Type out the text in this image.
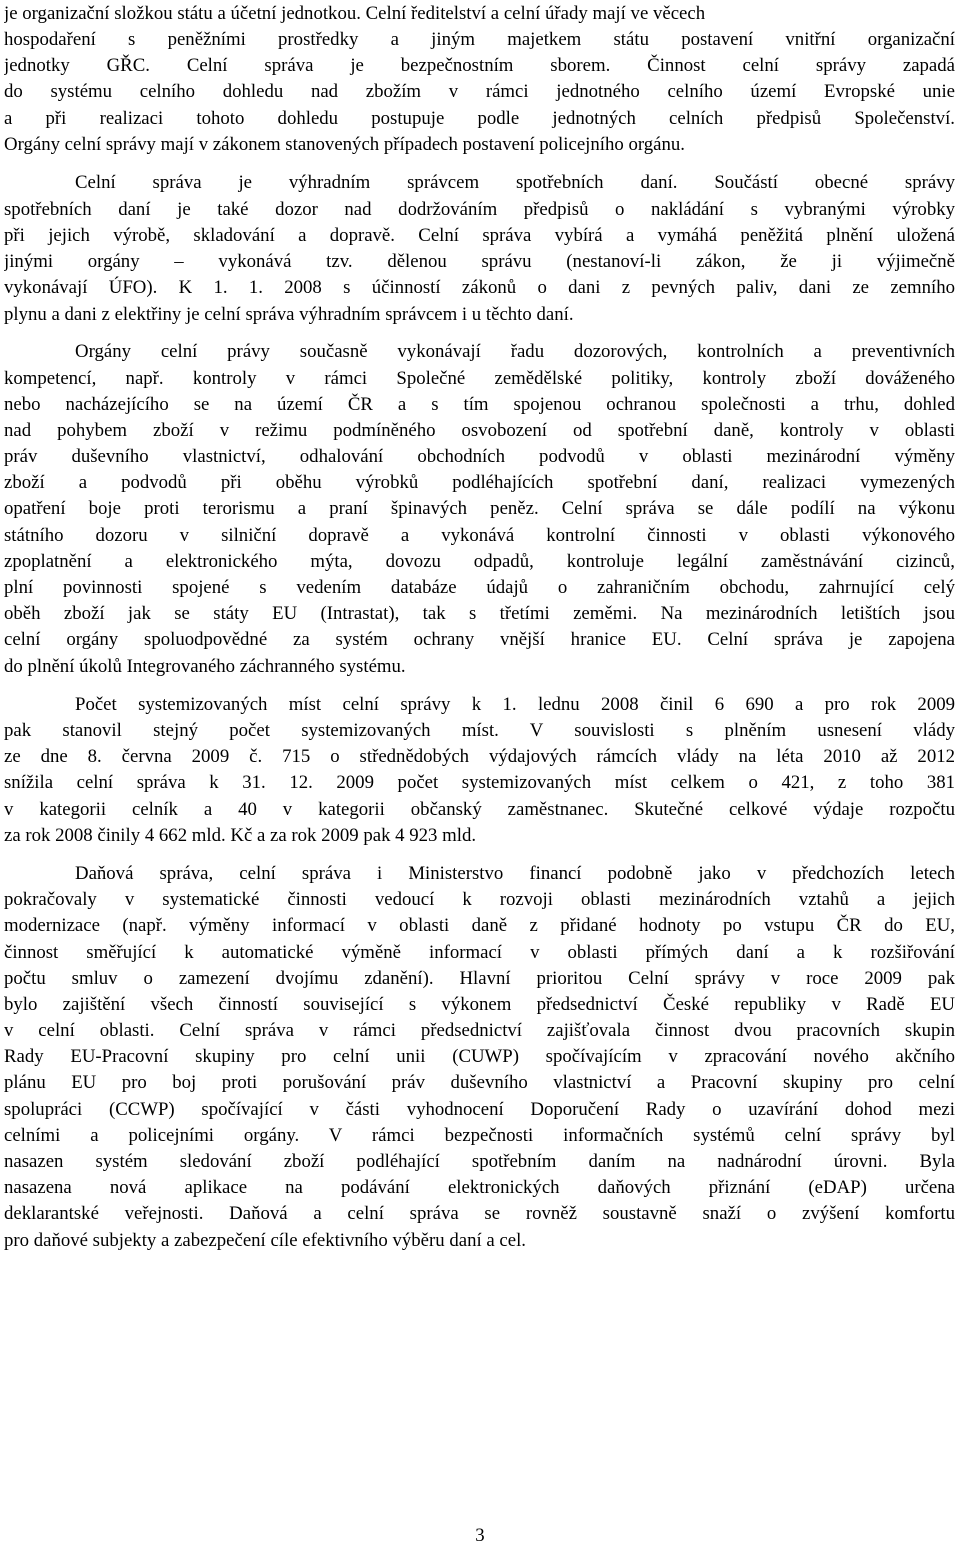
je organizační složkou státu a účetní jednotkou. Celní ředitelství a celní úřady mají ve věcech
hospodaření s peněžními prostředky a jiným majetkem státu postavení vnitřní organizační
jednotky GŘC. Celní správa je bezpečnostním sborem. Činnost celní správy zapadá
do systému celního dohledu nad zbožím v rámci jednotného celního území Evropské unie
a při realizaci tohoto dohledu postupuje podle jednotných celních předpisů Společenství.
Orgány celní správy mají v zákonem stanovených případech postavení policejního orgánu.
Celní správa je výhradním správcem spotřebních daní. Součástí obecné správy
spotřebních daní je také dozor nad dodržováním předpisů o nakládání s vybranými výrobky
při jejich výrobě, skladování a dopravě. Celní správa vybírá a vymáhá peněžitá plnění uložená
jinými orgány – vykonává tzv. dělenou správu (nestanoví-li zákon, že ji výjimečně
vykonávají ÚFO). K 1. 1. 2008 s účinností zákonů o dani z pevných paliv, dani ze zemního
plynu a dani z elektřiny je celní správa výhradním správcem i u těchto daní.
Orgány celní právy současně vykonávají řadu dozorových, kontrolních a preventivních
kompetencí, např. kontroly v rámci Společné zemědělské politiky, kontroly zboží dováženého
nebo nacházejícího se na území ČR a s tím spojenou ochranou společnosti a trhu, dohled
nad pohybem zboží v režimu podmíněného osvobození od spotřební daně, kontroly v oblasti
práv duševního vlastnictví, odhalování obchodních podvodů v oblasti mezinárodní výměny
zboží a podvodů při oběhu výrobků podléhajících spotřební daní, realizaci vymezených
opatření boje proti terorismu a praní špinavých peněz. Celní správa se dále podílí na výkonu
státního dozoru v silniční dopravě a vykonává kontrolní činnosti v oblasti výkonového
zpoplatnění a elektronického mýta, dovozu odpadů, kontroluje legální zaměstnávání cizinců,
plní povinnosti spojené s vedením databáze údajů o zahraničním obchodu, zahrnující celý
oběh zboží jak se státy EU (Intrastat), tak s třetími zeměmi. Na mezinárodních letištích jsou
celní orgány spoluodpovědné za systém ochrany vnější hranice EU. Celní správa je zapojena
do plnění úkolů Integrovaného záchranného systému.
Počet systemizovaných míst celní správy k 1. lednu 2008 činil 6 690 a pro rok 2009
pak stanovil stejný počet systemizovaných míst. V souvislosti s plněním usnesení vlády
ze dne 8. června 2009 č. 715 o střednědobých výdajových rámcích vlády na léta 2010 až 2012
snížila celní správa k 31. 12. 2009 počet systemizovaných míst celkem o 421, z toho 381
v kategorii celník a 40 v kategorii občanský zaměstnanec. Skutečné celkové výdaje rozpočtu
za rok 2008 činily 4 662 mld. Kč a za rok 2009 pak 4 923 mld.
Daňová správa, celní správa i Ministerstvo financí podobně jako v předchozích letech
pokračovaly v systematické činnosti vedoucí k rozvoji oblasti mezinárodních vztahů a jejich
modernizace (např. výměny informací v oblasti daně z přidané hodnoty po vstupu ČR do EU,
činnost směřující k automatické výměně informací v oblasti přímých daní a k rozšiřování
počtu smluv o zamezení dvojímu zdanění). Hlavní prioritou Celní správy v roce 2009 pak
bylo zajištění všech činností související s výkonem předsednictví České republiky v Radě EU
v celní oblasti. Celní správa v rámci předsednictví zajišťovala činnost dvou pracovních skupin
Rady EU-Pracovní skupiny pro celní unii (CUWP) spočívajícím v zpracování nového akčního
plánu EU pro boj proti porušování práv duševního vlastnictví a Pracovní skupiny pro celní
spolupráci (CCWP) spočívající v části vyhodnocení Doporučení Rady o uzavírání dohod mezi
celními a policejními orgány. V rámci bezpečnosti informačních systémů celní správy byl
nasazen systém sledování zboží podléhající spotřebním daním na nadnárodní úrovni. Byla
nasazena nová aplikace na podávání elektronických daňových přiznání (eDAP) určena
deklarantské veřejnosti. Daňová a celní správa se rovněž soustavně snaží o zvýšení komfortu
pro daňové subjekty a zabezpečení cíle efektivního výběru daní a cel.
3
